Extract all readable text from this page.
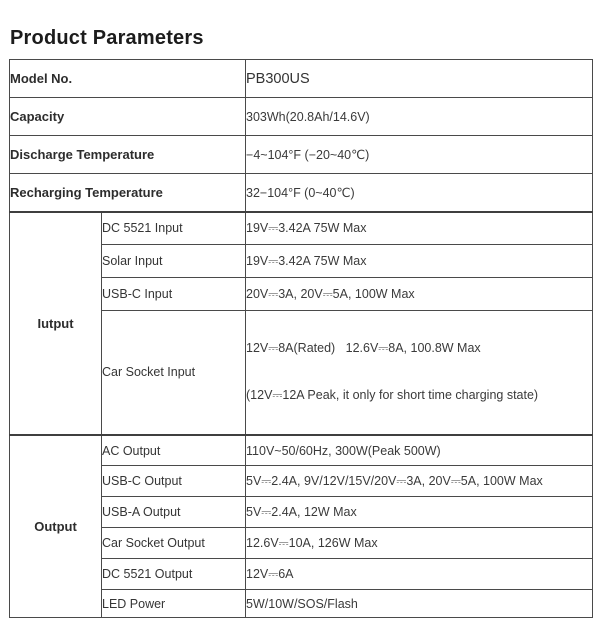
Product Parameters
Model No.		PB300US
Capacity		303Wh(20.8Ah/14.6V)
Discharge Temperature		−4~104°F (−20~40℃)
Recharging Temperature		32−104°F (0~40℃)
Iutput	DC 5521 Input	19V⎓3.42A 75W Max
	Solar Input	19V⎓3.42A 75W Max
	USB-C Input	20V⎓3A, 20V⎓5A, 100W Max
	Car Socket Input	12V⎓8A(Rated)   12.6V⎓8A, 100.8W Max

(12V⎓12A Peak, it only for short time charging state)

Output	AC Output	110V~50/60Hz, 300W(Peak 500W)
	USB-C Output	5V⎓2.4A, 9V/12V/15V/20V⎓3A, 20V⎓5A, 100W Max
	USB-A Output	5V⎓2.4A, 12W Max
	Car Socket Output	12.6V⎓10A, 126W Max
	DC 5521 Output	12V⎓6A
	LED Power	5W/10W/SOS/Flash
